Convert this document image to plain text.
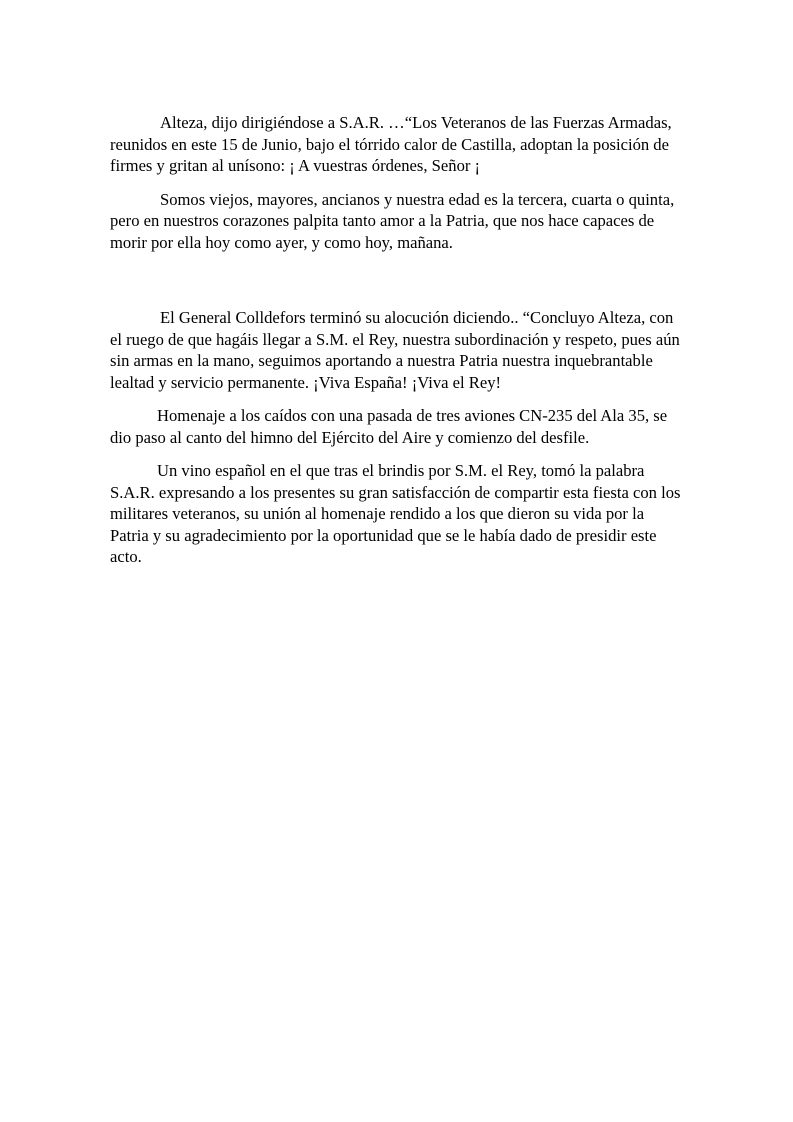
Alteza, dijo dirigiéndose a S.A.R. …“Los Veteranos de las Fuerzas Armadas, reunidos en este 15 de Junio, bajo el tórrido calor de Castilla, adoptan la posición de firmes y gritan al unísono: ¡ A vuestras órdenes, Señor ¡

Somos viejos, mayores, ancianos y nuestra edad es la tercera, cuarta o quinta, pero en nuestros corazones palpita tanto amor a la Patria, que nos hace capaces de morir por ella hoy como ayer, y como hoy, mañana.

El General Colldefors terminó su alocución diciendo.. “Concluyo Alteza, con el ruego de que hagáis llegar a S.M. el Rey, nuestra subordinación y respeto, pues aún sin armas en la mano, seguimos aportando a nuestra Patria nuestra inquebrantable lealtad y servicio permanente. ¡Viva España! ¡Viva el Rey!

Homenaje a los caídos con una pasada de tres aviones CN-235 del Ala 35, se dio paso al canto del himno del Ejército del Aire y comienzo del desfile.

Un vino español en el que tras el brindis por S.M. el Rey, tomó la palabra S.A.R. expresando a los presentes su gran satisfacción de compartir esta fiesta con los militares veteranos, su unión al homenaje rendido a los que dieron su vida por la Patria y su agradecimiento por la oportunidad que se le había dado de presidir este acto.
